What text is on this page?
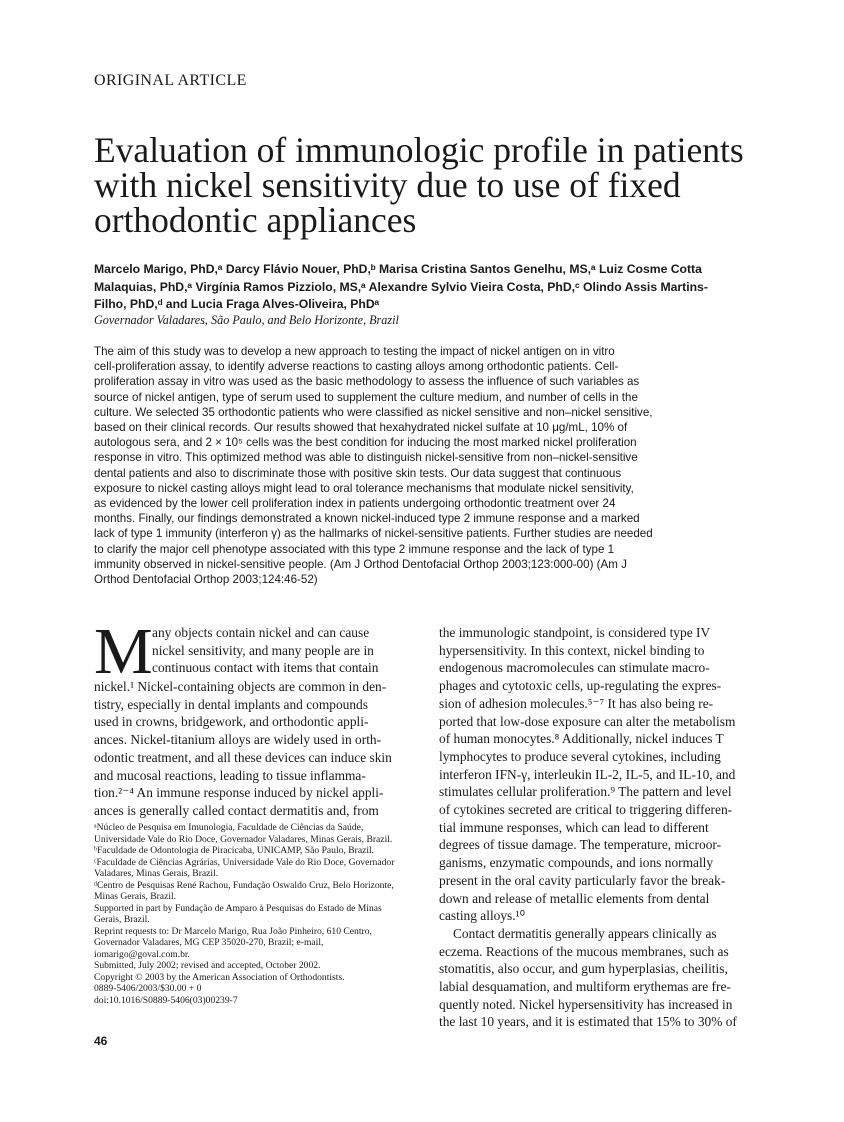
ORIGINAL ARTICLE
Evaluation of immunologic profile in patients
with nickel sensitivity due to use of fixed
orthodontic appliances
Marcelo Marigo, PhD,ᵃ Darcy Flávio Nouer, PhD,ᵇ Marisa Cristina Santos Genelhu, MS,ᵃ Luiz Cosme Cotta
Malaquias, PhD,ᵃ Virgínia Ramos Pizziolo, MS,ᵃ Alexandre Sylvio Vieira Costa, PhD,ᶜ Olindo Assis Martins-
Filho, PhD,ᵈ and Lucia Fraga Alves-Oliveira, PhDᵃ
Governador Valadares, São Paulo, and Belo Horizonte, Brazil
The aim of this study was to develop a new approach to testing the impact of nickel antigen on in vitro
cell-proliferation assay, to identify adverse reactions to casting alloys among orthodontic patients. Cell-
proliferation assay in vitro was used as the basic methodology to assess the influence of such variables as
source of nickel antigen, type of serum used to supplement the culture medium, and number of cells in the
culture. We selected 35 orthodontic patients who were classified as nickel sensitive and non–nickel sensitive,
based on their clinical records. Our results showed that hexahydrated nickel sulfate at 10 μg/mL, 10% of
autologous sera, and 2 × 10⁵ cells was the best condition for inducing the most marked nickel proliferation
response in vitro. This optimized method was able to distinguish nickel-sensitive from non–nickel-sensitive
dental patients and also to discriminate those with positive skin tests. Our data suggest that continuous
exposure to nickel casting alloys might lead to oral tolerance mechanisms that modulate nickel sensitivity,
as evidenced by the lower cell proliferation index in patients undergoing orthodontic treatment over 24
months. Finally, our findings demonstrated a known nickel-induced type 2 immune response and a marked
lack of type 1 immunity (interferon γ) as the hallmarks of nickel-sensitive patients. Further studies are needed
to clarify the major cell phenotype associated with this type 2 immune response and the lack of type 1
immunity observed in nickel-sensitive people. (Am J Orthod Dentofacial Orthop 2003;123:000-00) (Am J
Orthod Dentofacial Orthop 2003;124:46-52)
M any objects contain nickel and can cause
nickel sensitivity, and many people are in
continuous contact with items that contain
nickel.¹ Nickel-containing objects are common in den-
tistry, especially in dental implants and compounds
used in crowns, bridgework, and orthodontic appli-
ances. Nickel-titanium alloys are widely used in orth-
odontic treatment, and all these devices can induce skin
and mucosal reactions, leading to tissue inflamma-
tion.²⁻⁴ An immune response induced by nickel appli-
ances is generally called contact dermatitis and, from
the immunologic standpoint, is considered type IV
hypersensitivity. In this context, nickel binding to
endogenous macromolecules can stimulate macro-
phages and cytotoxic cells, up-regulating the expres-
sion of adhesion molecules.⁵⁻⁷ It has also being re-
ported that low-dose exposure can alter the metabolism
of human monocytes.⁸ Additionally, nickel induces T
lymphocytes to produce several cytokines, including
interferon IFN-γ, interleukin IL-2, IL-5, and IL-10, and
stimulates cellular proliferation.⁹ The pattern and level
of cytokines secreted are critical to triggering differen-
tial immune responses, which can lead to different
degrees of tissue damage. The temperature, microor-
ganisms, enzymatic compounds, and ions normally
present in the oral cavity particularly favor the break-
down and release of metallic elements from dental
casting alloys.¹⁰
Contact dermatitis generally appears clinically as
eczema. Reactions of the mucous membranes, such as
stomatitis, also occur, and gum hyperplasias, cheilitis,
labial desquamation, and multiform erythemas are fre-
quently noted. Nickel hypersensitivity has increased in
the last 10 years, and it is estimated that 15% to 30% of
ᵃNúcleo de Pesquisa em Imunologia, Faculdade de Ciências da Saúde,
Universidade Vale do Rio Doce, Governador Valadares, Minas Gerais, Brazil.
ᵇFaculdade de Odontologia de Piracicaba, UNICAMP, São Paulo, Brazil.
ᶜFaculdade de Ciências Agrárias, Universidade Vale do Rio Doce, Governador
Valadares, Minas Gerais, Brazil.
ᵈCentro de Pesquisas René Rachou, Fundação Oswaldo Cruz, Belo Horizonte,
Minas Gerais, Brazil.
Supported in part by Fundação de Amparo à Pesquisas do Estado de Minas
Gerais, Brazil.
Reprint requests to: Dr Marcelo Marigo, Rua João Pinheiro, 610 Centro,
Governador Valadares, MG CEP 35020-270, Brazil; e-mail,
iomarigo@goval.com.br.
Submitted, July 2002; revised and accepted, October 2002.
Copyright © 2003 by the American Association of Orthodontists.
0889-5406/2003/$30.00 + 0
doi:10.1016/S0889-5406(03)00239-7
46
